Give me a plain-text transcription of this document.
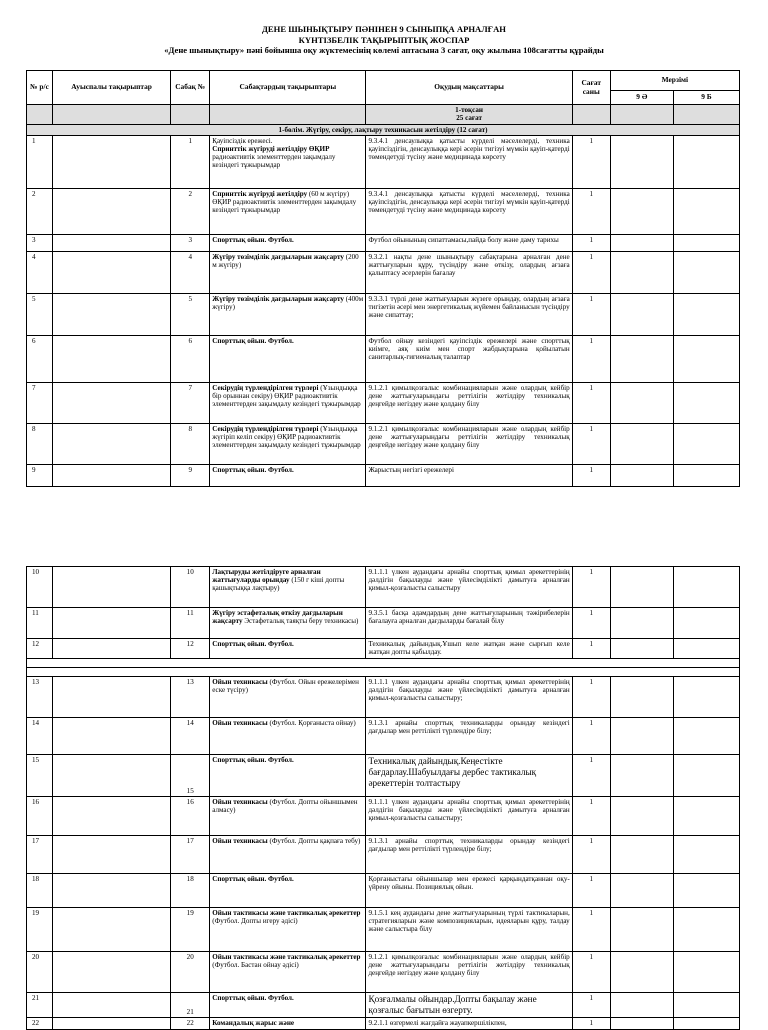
ДЕНЕ ШЫНЫҚТЫРУ ПӘНІНЕН 9 СЫНЫПҚА АРНАЛҒАН
КҮНТІЗБЕЛІК ТАҚЫРЫПТЫҚ ЖОСПАР
«Дене шынықтыру» пәні бойынша оқу жүктемесінің көлемі аптасына 3 сағат, оқу жылына 108сағатты құрайды
№ р/с	Ауыспалы тақырыптар	Сабақ №	Сабақтардың тақырыптары	Оқудың мақсаттары	Сағат саны	Мерзімі	
						9 Ә	9 Б

				1-тоқсан
25 сағат			

1-бөлім. Жүгіру, секіру, лақтыру техникасын жетілдіру (12 сағат)							
1		1	Қауіпсіздік ережесі.
Спринттік жүгіруді жетілдіру ӨҚИР радиоактивтік элементтерден зақымдалу кезіндегі тұжырымдар	9.3.4.1 денсаулыққа қатысты күрделі мәселелерді, техника қауіпсіздігін, денсаулыққа кері әсерін тигізуі мүмкін қауіп-қатерді төмендетуді түсіну және медицинада көрсету	1		
2		2	Спринттік жүгіруді жетілдіру (60 м жүгіру) ӨҚИР радиоактивтік элементтерден зақымдалу кезіндегі тұжырымдар	9.3.4.1 денсаулыққа қатысты күрделі мәселелерді, техника қауіпсіздігін, денсаулыққа кері әсерін тигізуі мүмкін қауіп-қатерді төмендетуді түсіну және медицинада көрсету	1		
3		3	Спорттық ойын. Футбол.	Футбол ойынының сипаттамасы,пайда болу және даму тарихы	1		
4		4	Жүгіру төзімділік дағдыларын жақсарту (200 м жүгіру)	9.3.2.1 нақты дене шынықтыру сабақтарына арналған дене жаттығуларын құру, түсіндіру және өткізу, олардың ағзаға қалыптасу әсерлерін бағалау	1		
5		5	Жүгіру төзімділік дағдыларын жақсарту (400м жүгіру)	9.3.3.1 түрлі дене жаттығуларын жүзеге орындау, олардың ағзаға тигізетін әсері мен энергетикалық жүйемен байланысын түсіндіру және сипаттау;	1		
6		6	Спорттық ойын. Футбол.	Футбол ойнау кезіндегі қауіпсіздік ережелері және спорттық киімге, аяқ киім мен спорт жабдықтарына қойылатын санитарлық-гигиеналық талаптар	1		
7		7	Секірудің түрлендірілген түрлері (Ұзындыққа бір орыннан секіру) ӨҚИР радиоактивтік элементтерден зақымдалу кезіндегі тұжырымдар	9.1.2.1 қимылқозғалыс комбинацияларын және олардың кейбір дене жаттығуларындағы реттілігін жетілдіру техникалық деңгейде негіздеу және қолдану білу	1		
8		8	Секірудің түрлендірілген түрлері (Ұзындыққа жүгіріп келіп секіру) ӨҚИР радиоактивтік элементтерден зақымдалу кезіндегі тұжырымдар	9.1.2.1 қимылқозғалыс комбинацияларын және олардың кейбір дене жаттығуларындағы реттілігін жетілдіру техникалық деңгейде негіздеу және қолдану білу	1		
9		9	Спорттық ойын. Футбол.	Жарыстың негізгі ережелері	1		
10		10	Лақтыруды жетілдіруге арналған жаттығуларды орындау (150 г кіші допты қашықтыққа лақтыру)	9.1.1.1 үлкен аудандағы арнайы спорттық қимыл әрекеттерінің дәлдігін бақылауды және үйлесімділікті дамытуға арналған қимыл-қозғалысты салыстыру	1		
11		11	Жүгіру эстафеталық өткізу дағдыларын жақсарту Эстафеталық таяқты беру техникасы)	9.3.5.1 басқа адамдардың дене жаттығуларының тәжірибелерін бағалауға арналған дағдыларды бағалай білу	1		
12		12	Спорттық ойын. Футбол.	Техникалық дайындық.Ұшып келе жатқан және сырғып келе жатқан допты қабылдау.	1		

13		13	Ойын техникасы (Футбол. Ойын ережелерімен еске түсіру)	9.1.1.1 үлкен аудандағы арнайы спорттық қимыл әрекеттерінің дәлдігін бақылауды және үйлесімділікті дамытуға арналған қимыл-қозғалысты салыстыру;	1		
14		14	Ойын техникасы (Футбол. Қорғаныста ойнау)	9.1.3.1 арнайы спорттық техникаларды орындау кезіндегі дағдылар мен реттілікті түрлендіре білу;	1		
15		15	Спорттық ойын. Футбол.	Техникалық дайындық.Кеңестікте бағдарлау.Шабуылдағы дербес тактикалық әрекеттерін толтастыру	1		
16		16	Ойын техникасы (Футбол. Допты ойыншымен алмасу)	9.1.1.1 үлкен аудандағы арнайы спорттық қимыл әрекеттерінің дәлдігін бақылауды және үйлесімділікті дамытуға арналған қимыл-қозғалысты салыстыру;	1		
17		17	Ойын техникасы (Футбол. Допты қақпаға тебу)	9.1.3.1 арнайы спорттық техникаларды орындау кезіндегі дағдылар мен реттілікті түрлендіре білу;	1		
18		18	Спорттық ойын. Футбол.	Қорғаныстағы ойыншылар мен ережесі қарқындатқаннан оқу-үйрену ойыны. Позициялық ойын.	1		
19		19	Ойын тактикасы және тактикалық әрекеттер (Футбол. Допты игеру әдісі)	9.1.5.1 кең аудандағы дене жаттығуларының түрлі тактикаларын, стратегияларын және композицияларын, идеяларын құру, талдау және салыстыра білу	1		
20		20	Ойын тактикасы және тактикалық әрекеттер (Футбол. Бастан ойнау әдісі)	9.1.2.1 қимылқозғалыс комбинацияларын және олардың кейбір дене жаттығуларындағы реттілігін жетілдіру техникалық деңгейде негіздеу және қолдану білу	1		
21		21	Спорттық ойын. Футбол.	Қозғалмалы ойындар.Допты бақылау және қозғалыс бағытын өзгерту.	1		
22		22	Командалық жарыс және	9.2.1.1 өзгермелі жағдайға жауапкершілікпен,	1		
